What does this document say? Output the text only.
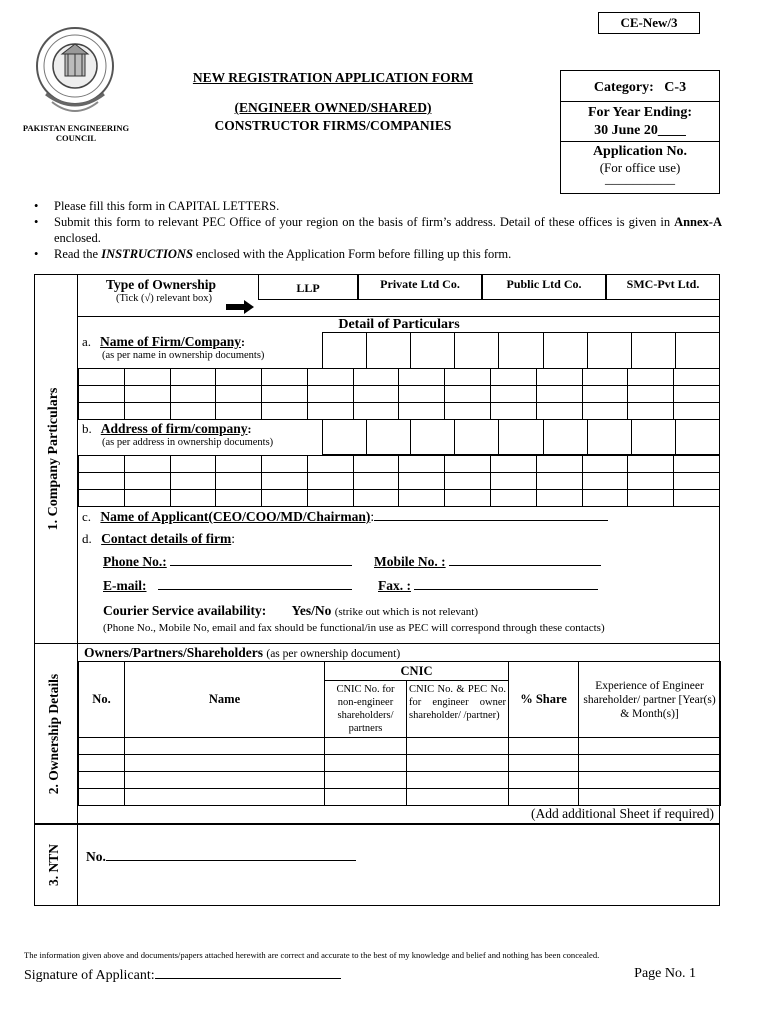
CE-New/3
PAKISTAN ENGINEERING
COUNCIL
NEW REGISTRATION APPLICATION FORM
(ENGINEER OWNED/SHARED)
CONSTRUCTOR FIRMS/COMPANIES
Category: C-3
For Year Ending:
30 June 20____
Application No.
(For office use)
__________
• Please fill this form in CAPITAL LETTERS.
• Submit this form to relevant PEC Office of your region on the basis of firm’s address. Detail of these offices is given in Annex-A enclosed.
• Read the INSTRUCTIONS enclosed with the Application Form before filling up this form.
1. Company Particulars
Type of Ownership
(Tick (√) relevant box)
LLP	Private Ltd Co.	Public Ltd Co.	SMC-Pvt Ltd.
Detail of Particulars
a. Name of Firm/Company:
(as per name in ownership documents)

b. Address of firm/company:
(as per address in ownership documents)

c. Name of Applicant(CEO/COO/MD/Chairman):
d. Contact details of firm:
Phone No.:	Mobile No. :
E-mail:	Fax. :
Courier Service availability: Yes/No (strike out which is not relevant)
(Phone No., Mobile No, email and fax should be functional/in use as PEC will correspond through these contacts)
2. Ownership Details
Owners/Partners/Shareholders (as per ownership document)
No.	Name	CNIC		% Share	Experience of Engineer shareholder/ partner [Year(s) & Month(s)]
		CNIC No. for non-engineer shareholders/ partners	CNIC No. & PEC No. for engineer owner shareholder/ /partner)		

(Add additional Sheet if required)
3. NTN	No.
The information given above and documents/papers attached herewith are correct and accurate to the best of my knowledge and belief and nothing has been concealed.
Signature of Applicant:	Page No. 1
